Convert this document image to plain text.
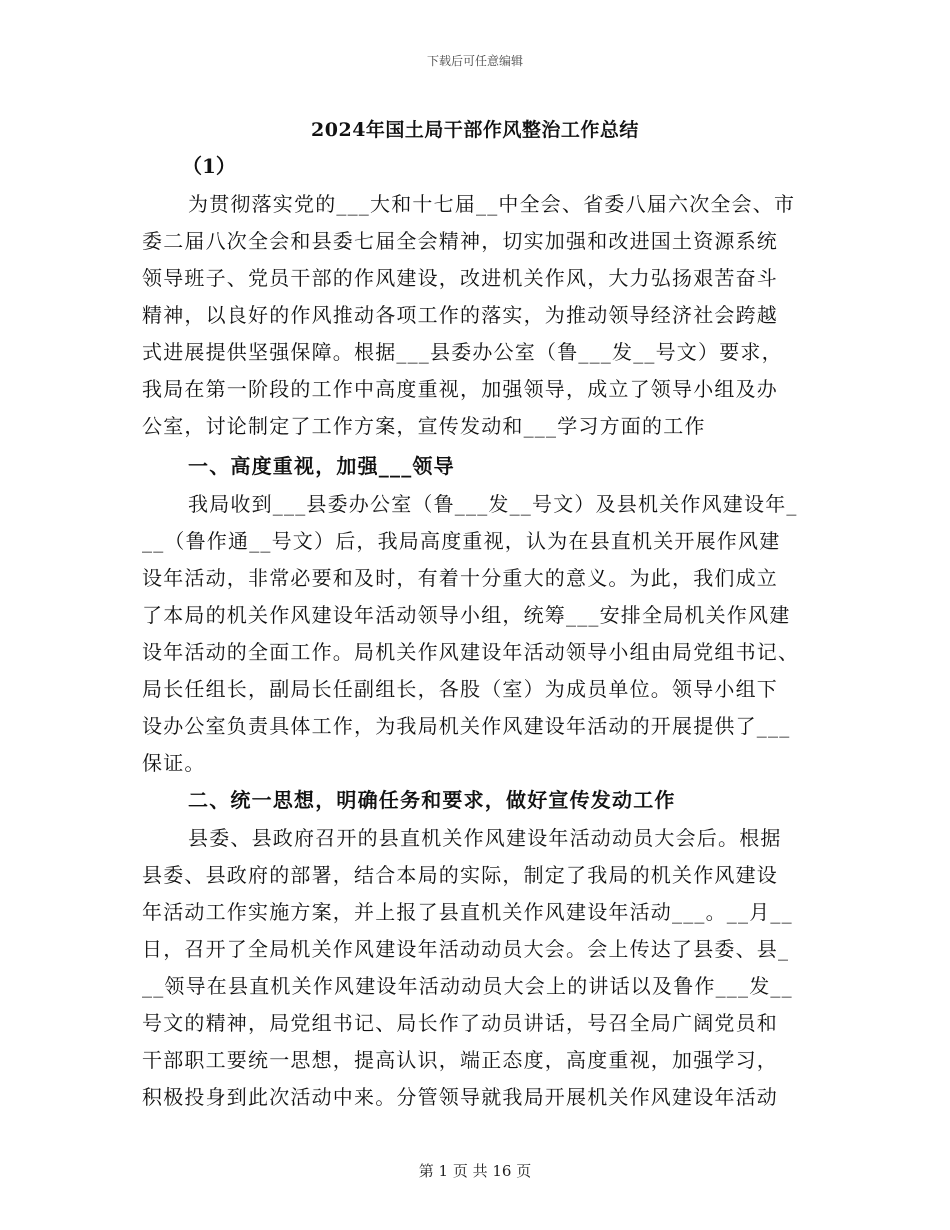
下载后可任意编辑
2024年国土局干部作风整治工作总结
（1）
为贯彻落实党的___大和十七届__中全会、省委八届六次全会、市
委二届八次全会和县委七届全会精神，切实加强和改进国土资源系统
领导班子、党员干部的作风建设，改进机关作风，大力弘扬艰苦奋斗
精神，以良好的作风推动各项工作的落实，为推动领导经济社会跨越
式进展提供坚强保障。根据___县委办公室（鲁___发__号文）要求，
我局在第一阶段的工作中高度重视，加强领导，成立了领导小组及办
公室，讨论制定了工作方案，宣传发动和___学习方面的工作
一、高度重视，加强___领导
我局收到___县委办公室（鲁___发__号文）及县机关作风建设年_
__（鲁作通__号文）后，我局高度重视，认为在县直机关开展作风建
设年活动，非常必要和及时，有着十分重大的意义。为此，我们成立
了本局的机关作风建设年活动领导小组，统筹___安排全局机关作风建
设年活动的全面工作。局机关作风建设年活动领导小组由局党组书记、
局长任组长，副局长任副组长，各股（室）为成员单位。领导小组下
设办公室负责具体工作，为我局机关作风建设年活动的开展提供了___
保证。
二、统一思想，明确任务和要求，做好宣传发动工作
县委、县政府召开的县直机关作风建设年活动动员大会后。根据
县委、县政府的部署，结合本局的实际，制定了我局的机关作风建设
年活动工作实施方案，并上报了县直机关作风建设年活动___。__月__
日，召开了全局机关作风建设年活动动员大会。会上传达了县委、县_
__领导在县直机关作风建设年活动动员大会上的讲话以及鲁作___发__
号文的精神，局党组书记、局长作了动员讲话，号召全局广阔党员和
干部职工要统一思想，提高认识，端正态度，高度重视，加强学习，
积极投身到此次活动中来。分管领导就我局开展机关作风建设年活动
第 1 页 共 16 页
